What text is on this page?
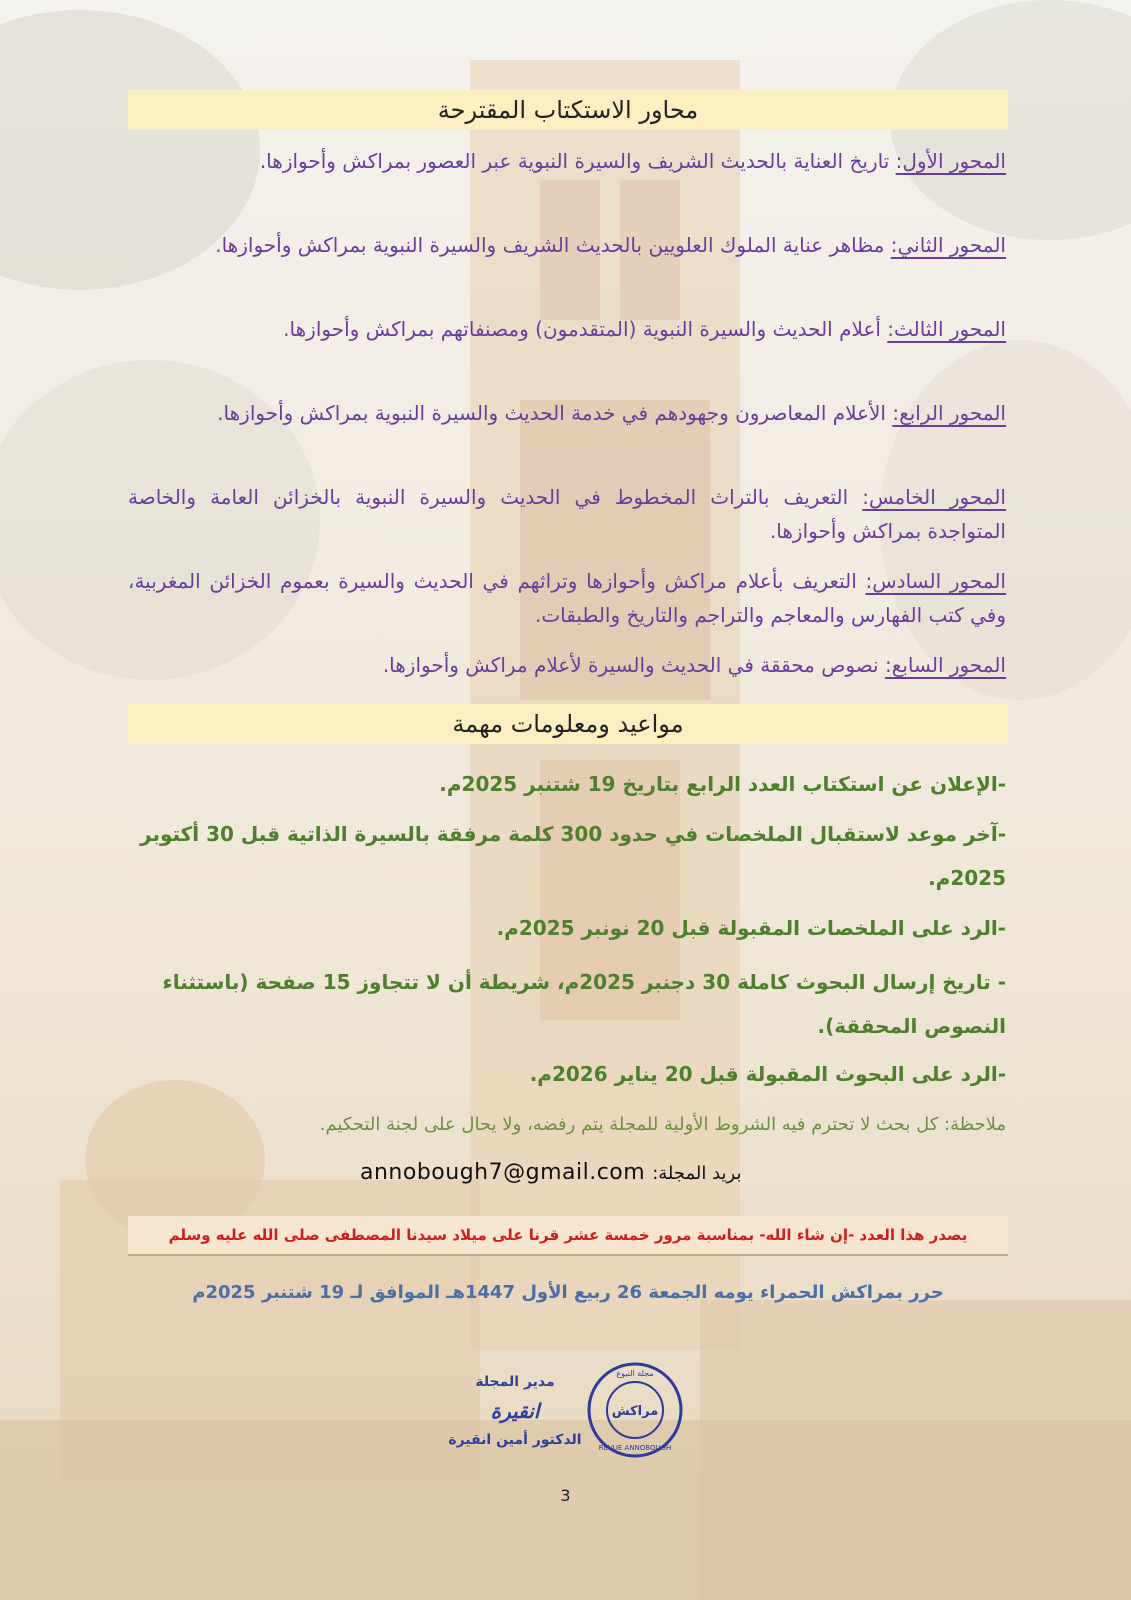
محاور الاستكتاب المقترحة
المحور الأول: تاريخ العناية بالحديث الشريف والسيرة النبوية عبر العصور بمراكش وأحوازها.
المحور الثاني: مظاهر عناية الملوك العلويين بالحديث الشريف والسيرة النبوية بمراكش وأحوازها.
المحور الثالث: أعلام الحديث والسيرة النبوية (المتقدمون) ومصنفاتهم بمراكش وأحوازها.
المحور الرابع: الأعلام المعاصرون وجهودهم في خدمة الحديث والسيرة النبوية بمراكش وأحوازها.
المحور الخامس: التعريف بالتراث المخطوط في الحديث والسيرة النبوية بالخزائن العامة والخاصة المتواجدة بمراكش وأحوازها.
المحور السادس: التعريف بأعلام مراكش وأحوازها وتراثهم في الحديث والسيرة بعموم الخزائن المغربية، وفي كتب الفهارس والمعاجم والتراجم والتاريخ والطبقات.
المحور السابع: نصوص محققة في الحديث والسيرة لأعلام مراكش وأحوازها.
مواعيد ومعلومات مهمة
-الإعلان عن استكتاب العدد الرابع بتاريخ 19 شتنبر 2025م.
-آخر موعد لاستقبال الملخصات في حدود 300 كلمة مرفقة بالسيرة الذاتية قبل 30 أكتوبر 2025م.
-الرد على الملخصات المقبولة قبل 20 نونبر 2025م.
- تاريخ إرسال البحوث كاملة 30 دجنبر 2025م، شريطة أن لا تتجاوز 15 صفحة (باستثناء النصوص المحققة).
-الرد على البحوث المقبولة قبل 20 يناير 2026م.
ملاحظة: كل بحث لا تحترم فيه الشروط الأولية للمجلة يتم رفضه، ولا يحال على لجنة التحكيم.
بريد المجلة: annobough7@gmail.com
يصدر هذا العدد -إن شاء الله- بمناسبة مرور خمسة عشر قرنا على ميلاد سيدنا المصطفى صلى الله عليه وسلم
حرر بمراكش الحمراء يومه الجمعة 26 ربيع الأول 1447هـ الموافق لـ 19 شتنبر 2025م
مراكش
مجلة النبوغ
REVUE ANNOBOUGH
مدير المجلة
انقيرة
الدكتور أمين انقيرة
3
